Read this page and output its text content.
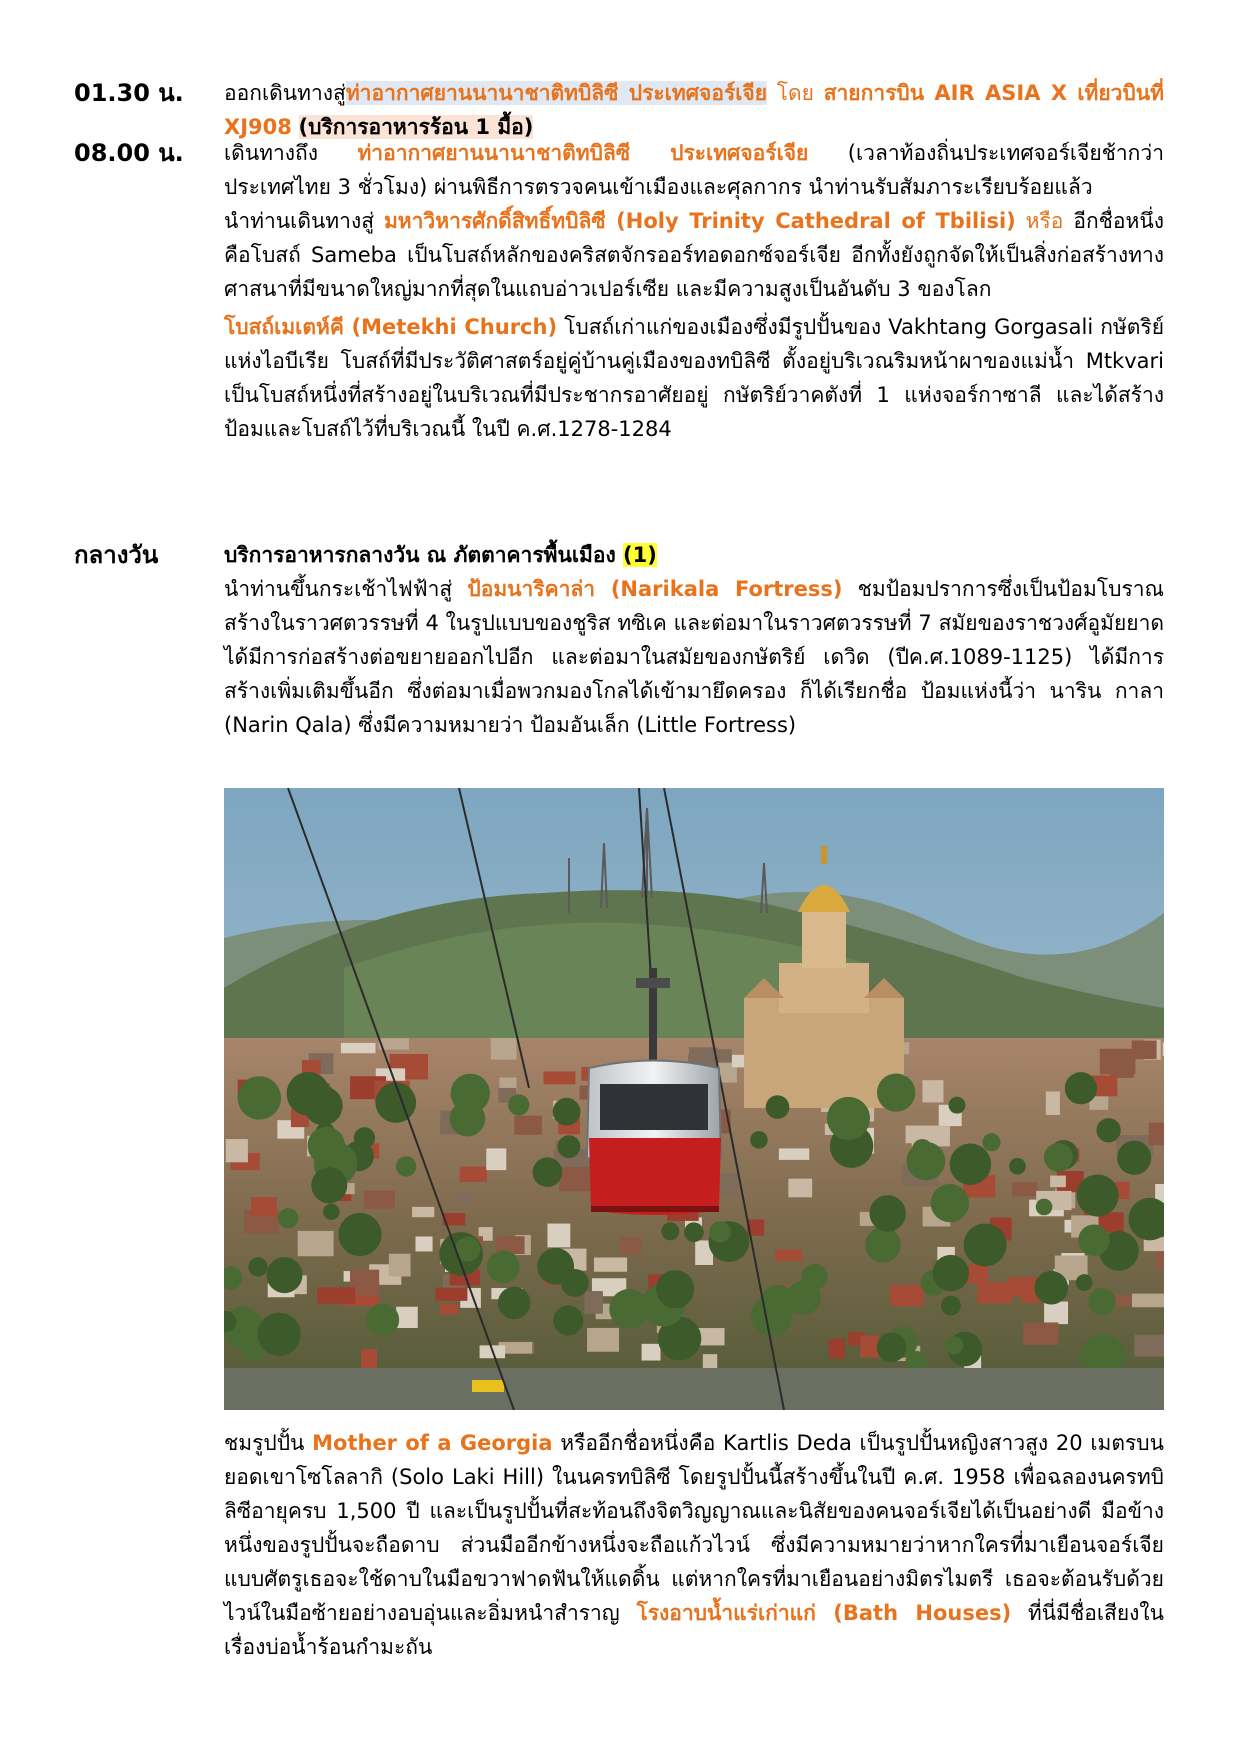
01.30 น.	ออกเดินทางสู่ท่าอากาศยานนานาชาติทบิลิซี ประเทศจอร์เจีย โดย สายการบิน AIR ASIA X เที่ยวบินที่ XJ908 (บริการอาหารร้อน 1 มื้อ)
08.00 น.	เดินทางถึง ท่าอากาศยานนานาชาติทบิลิซี ประเทศจอร์เจีย (เวลาท้องถิ่นประเทศจอร์เจียช้ากว่าประเทศไทย 3 ชั่วโมง) ผ่านพิธีการตรวจคนเข้าเมืองและศุลกากร นำท่านรับสัมภาระเรียบร้อยแล้ว
นำท่านเดินทางสู่ มหาวิหารศักดิ์สิทธิ์ทบิลิซี (Holy Trinity Cathedral of Tbilisi) หรือ อีกชื่อหนึ่งคือโบสถ์ Sameba เป็นโบสถ์หลักของคริสตจักรออร์ทอดอกซ์จอร์เจีย อีกทั้งยังถูกจัดให้เป็นสิ่งก่อสร้างทางศาสนาที่มีขนาดใหญ่มากที่สุดในแถบอ่าวเปอร์เซีย และมีความสูงเป็นอันดับ 3 ของโลก
โบสถ์เมเตห์คี (Metekhi Church) โบสถ์เก่าแก่ของเมืองซึ่งมีรูปปั้นของ Vakhtang Gorgasali กษัตริย์แห่งไอบีเรีย โบสถ์ที่มีประวัติศาสตร์อยู่คู่บ้านคู่เมืองของทบิลิซี ตั้งอยู่บริเวณริมหน้าผาของแม่น้ำ Mtkvari เป็นโบสถ์หนึ่งที่สร้างอยู่ในบริเวณที่มีประชากรอาศัยอยู่ กษัตริย์วาคตังที่ 1 แห่งจอร์กาซาลี และได้สร้างป้อมและโบสถ์ไว้ที่บริเวณนี้ ในปี ค.ศ.1278-1284
กลางวัน	บริการอาหารกลางวัน ณ ภัตตาคารพื้นเมือง (1)
นำท่านขึ้นกระเช้าไฟฟ้าสู่ ป้อมนาริคาล่า (Narikala Fortress) ชมป้อมปราการซึ่งเป็นป้อมโบราณ สร้างในราวศตวรรษที่ 4 ในรูปแบบของชูริส ทซิเค และต่อมาในราวศตวรรษที่ 7 สมัยของราชวงศ์อูมัยยาดได้มีการก่อสร้างต่อขยายออกไปอีก และต่อมาในสมัยของกษัตริย์ เดวิด (ปีค.ศ.1089-1125) ได้มีการสร้างเพิ่มเติมขึ้นอีก ซึ่งต่อมาเมื่อพวกมองโกลได้เข้ามายึดครอง ก็ได้เรียกชื่อ ป้อมแห่งนี้ว่า นาริน กาลา (Narin Qala) ซึ่งมีความหมายว่า ป้อมอันเล็ก (Little Fortress)
ชมรูปปั้น Mother of a Georgia หรืออีกชื่อหนึ่งคือ Kartlis Deda เป็นรูปปั้นหญิงสาวสูง 20 เมตรบนยอดเขาโซโลลากิ (Solo Laki Hill) ในนครทบิลิซี โดยรูปปั้นนี้สร้างขึ้นในปี ค.ศ. 1958 เพื่อฉลองนครทบิลิซีอายุครบ 1,500 ปี และเป็นรูปปั้นที่สะท้อนถึงจิตวิญญาณและนิสัยของคนจอร์เจียได้เป็นอย่างดี มือข้างหนึ่งของรูปปั้นจะถือดาบ ส่วนมืออีกข้างหนึ่งจะถือแก้วไวน์ ซึ่งมีความหมายว่าหากใครที่มาเยือนจอร์เจียแบบศัตรูเธอจะใช้ดาบในมือขวาฟาดฟันให้แดดิ้น แต่หากใครที่มาเยือนอย่างมิตรไมตรี เธอจะต้อนรับด้วยไวน์ในมือซ้ายอย่างอบอุ่นและอิ่มหนำสำราญ โรงอาบน้ำแร่เก่าแก่ (Bath Houses) ที่นี่มีชื่อเสียงในเรื่องบ่อน้ำร้อนกำมะถัน
